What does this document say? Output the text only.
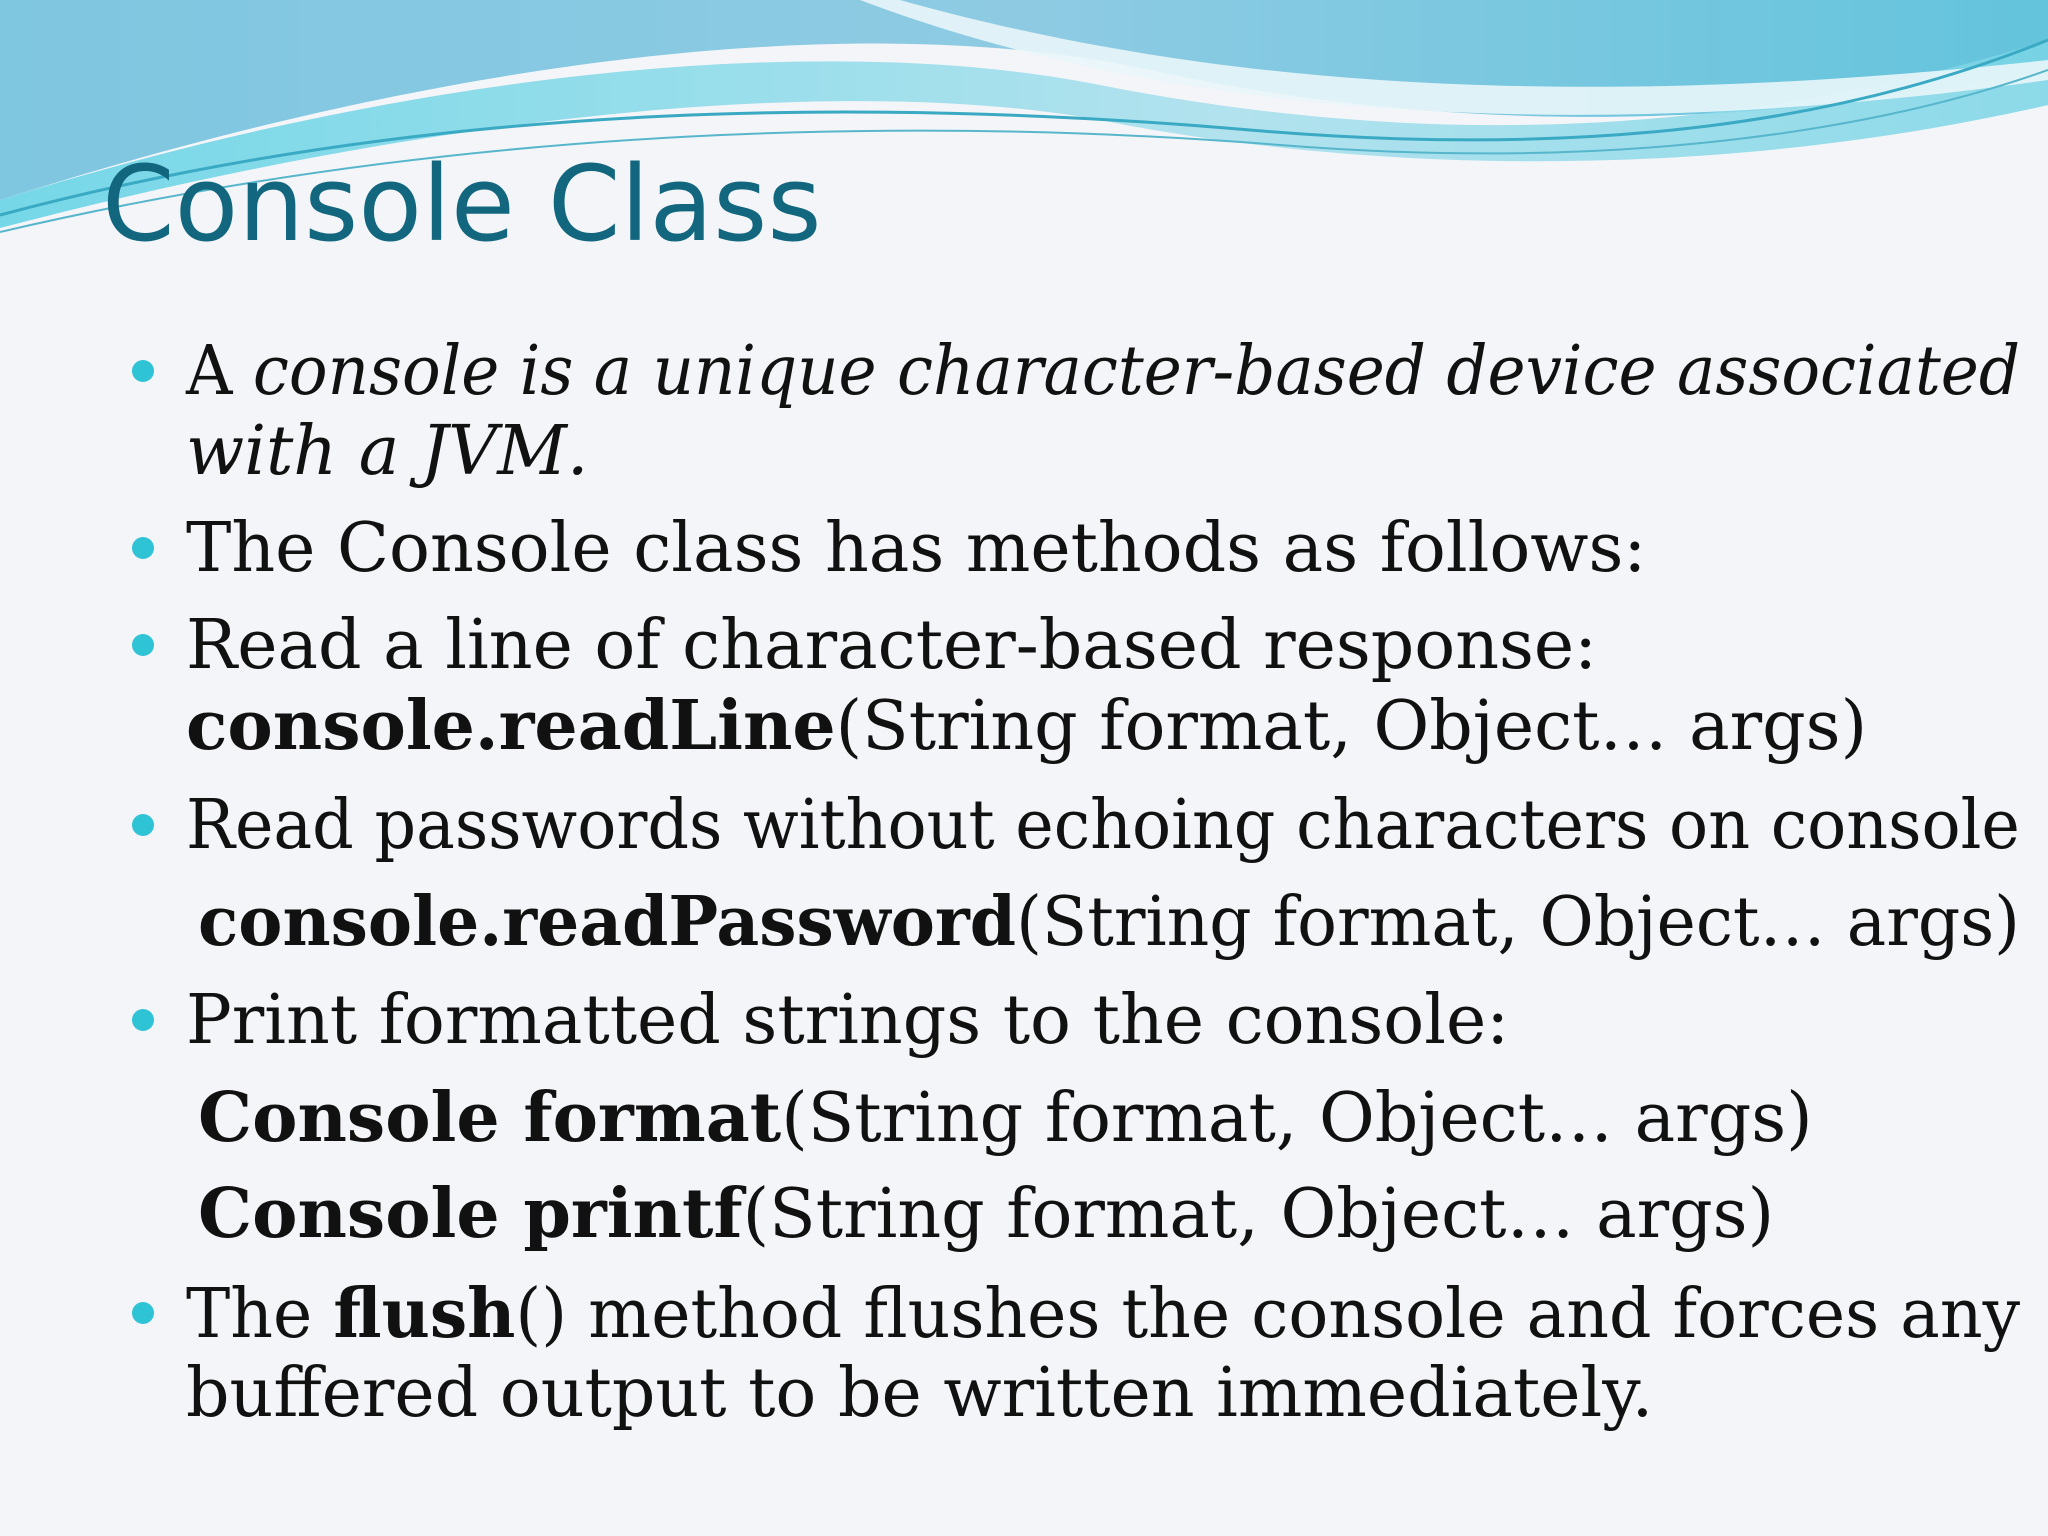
Console Class
A console is a unique character-based device associated
with a JVM.
The Console class has methods as follows:
Read a line of character-based response:
console.readLine(String format, Object… args)
Read passwords without echoing characters on console
console.readPassword(String format, Object… args)
Print formatted strings to the console:
Console format(String format, Object… args)
Console printf(String format, Object… args)
The flush() method flushes the console and forces any
buffered output to be written immediately.
